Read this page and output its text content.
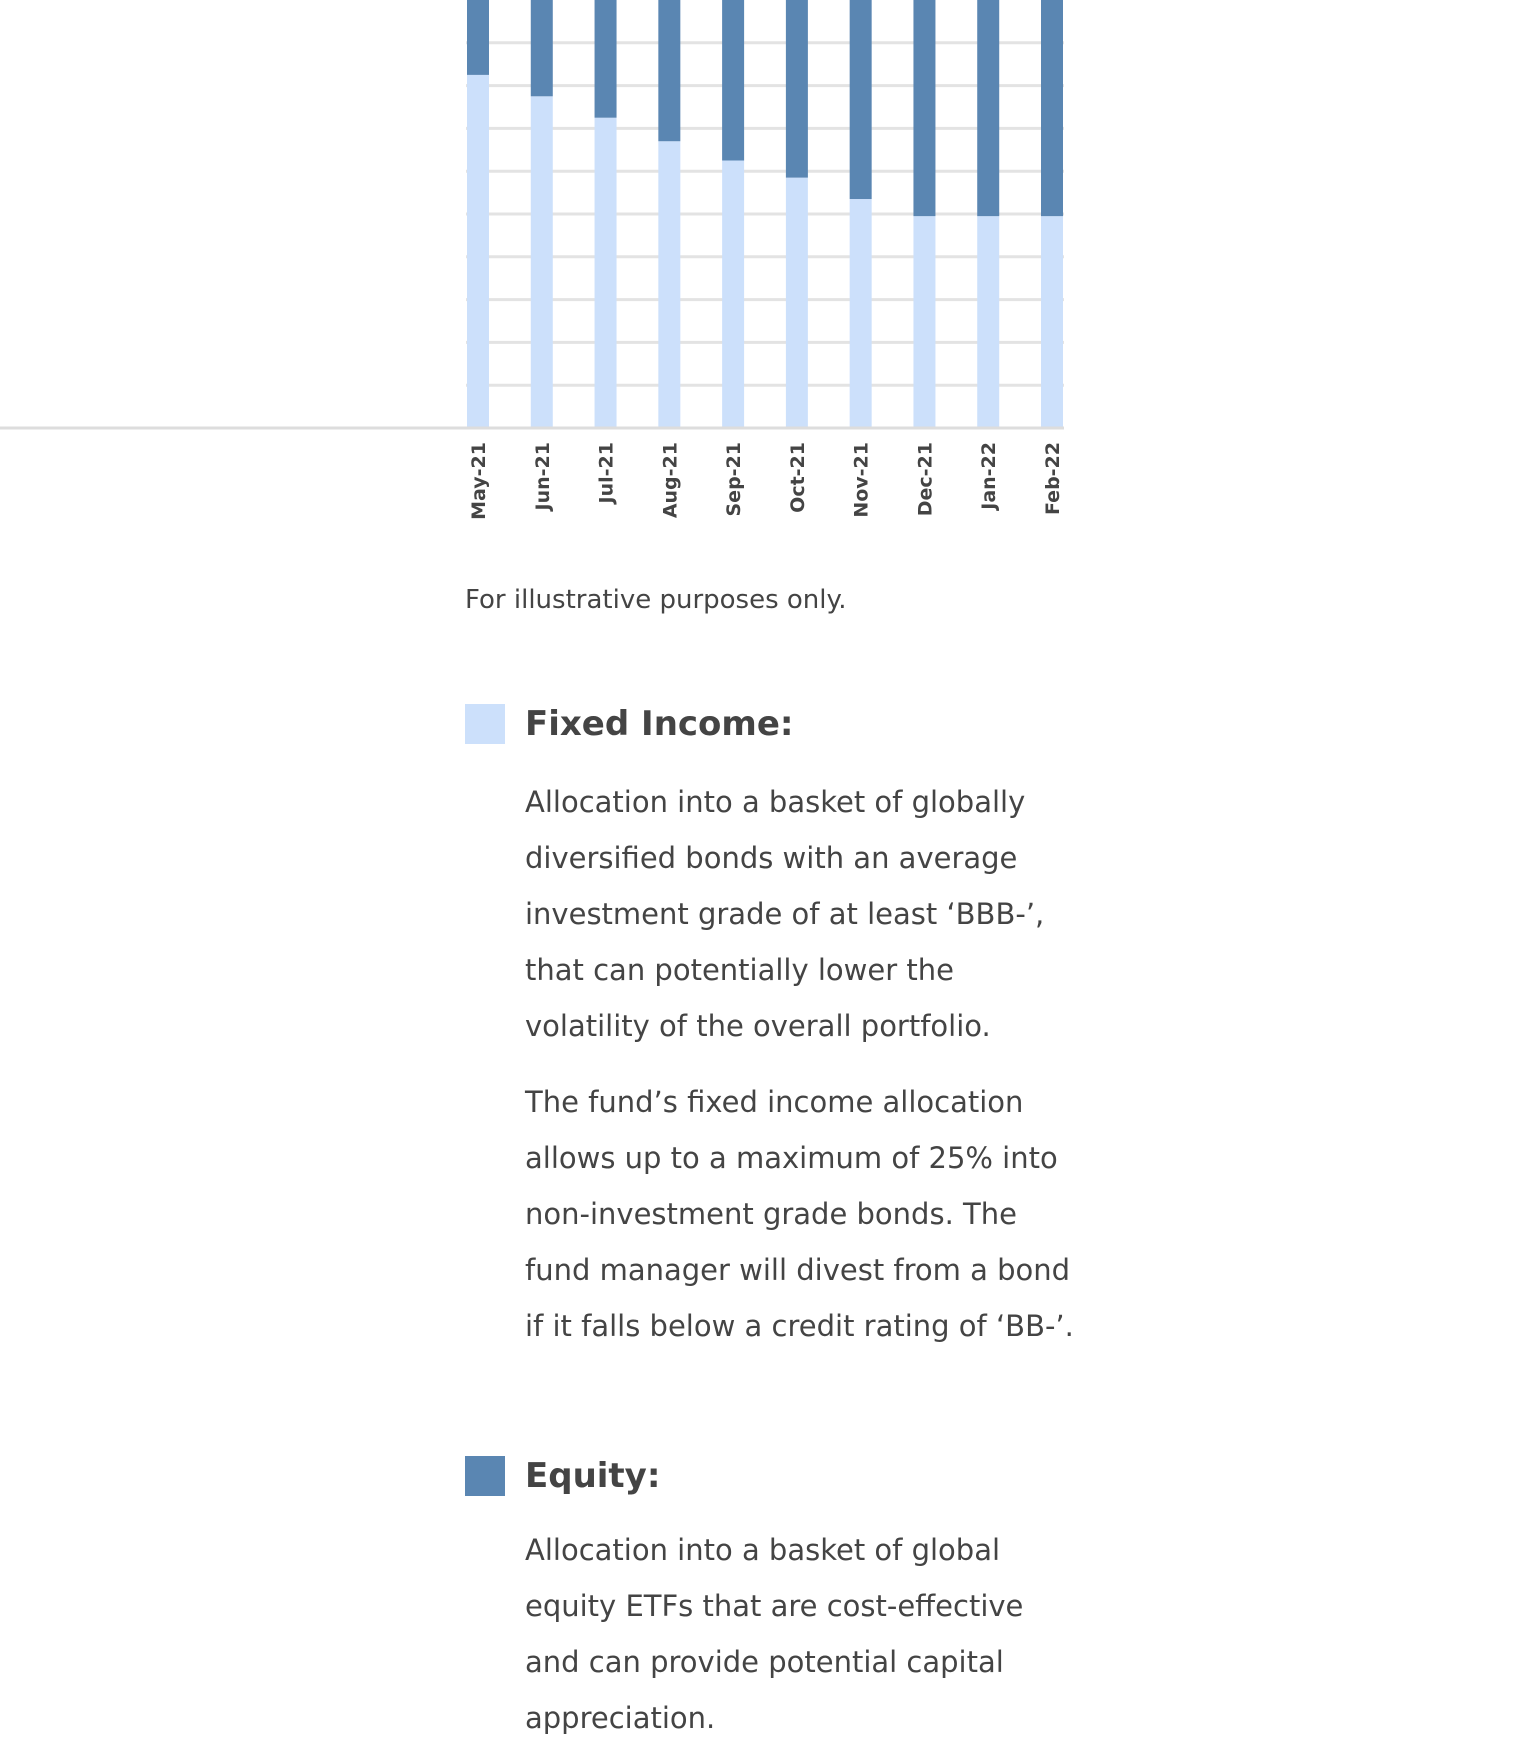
May-21 Jun-21 Jul-21 Aug-21 Sep-21 Oct-21 Nov-21 Dec-21 Jan-22 Feb-22

For illustrative purposes only.

Fixed Income:

Allocation into a basket of globally diversified bonds with an average investment grade of at least ‘BBB-’, that can potentially lower the volatility of the overall portfolio.

The fund’s fixed income allocation allows up to a maximum of 25% into non-investment grade bonds. The fund manager will divest from a bond if it falls below a credit rating of ‘BB-’.

Equity:

Allocation into a basket of global equity ETFs that are cost-effective and can provide potential capital appreciation.
